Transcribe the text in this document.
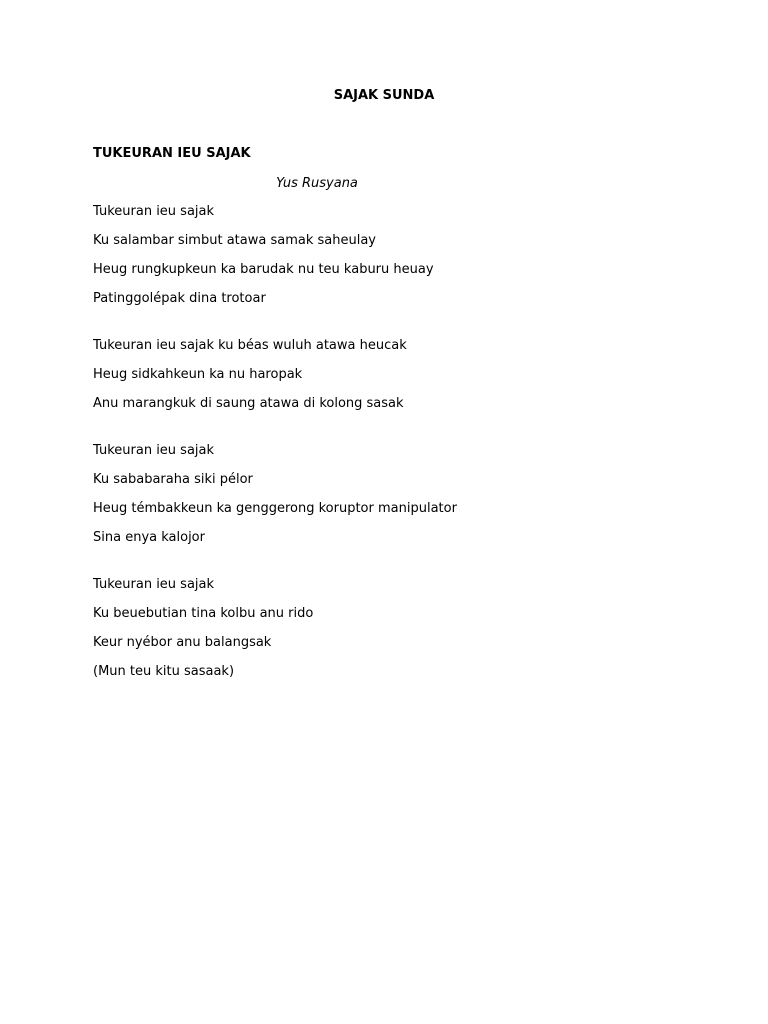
SAJAK SUNDA
TUKEURAN IEU SAJAK
Yus Rusyana
Tukeuran ieu sajak
Ku salambar simbut atawa samak saheulay
Heug rungkupkeun ka barudak nu teu kaburu heuay
Patinggolépak dina trotoar
Tukeuran ieu sajak ku béas wuluh atawa heucak
Heug sidkahkeun ka nu haropak
Anu marangkuk di saung atawa di kolong sasak
Tukeuran ieu sajak
Ku sababaraha siki pélor
Heug témbakkeun ka genggerong koruptor manipulator
Sina enya kalojor
Tukeuran ieu sajak
Ku beuebutian tina kolbu anu rido
Keur nyébor anu balangsak
(Mun teu kitu sasaak)
